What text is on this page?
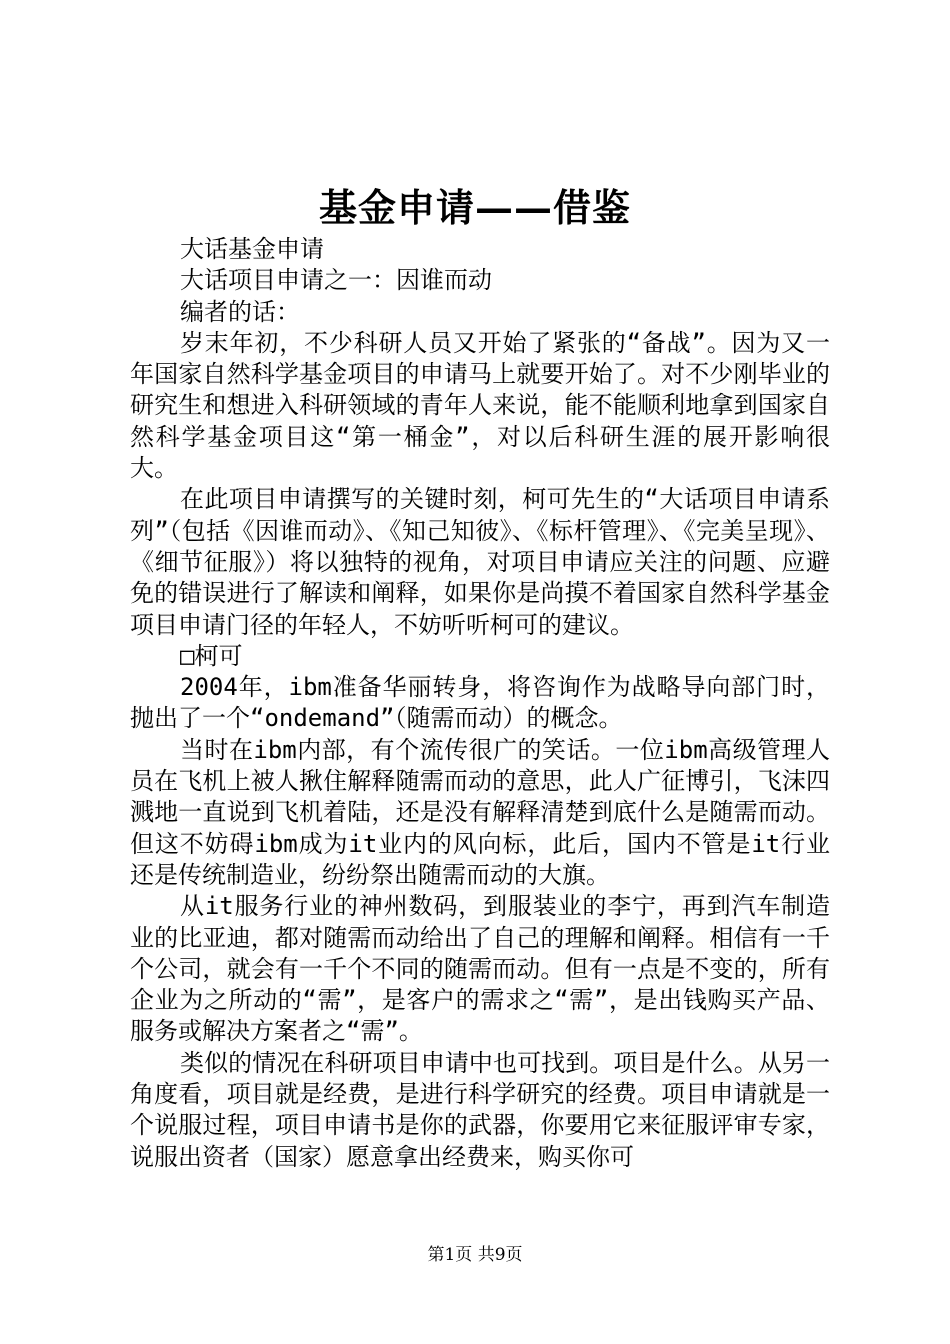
基金申请——借鉴

大话基金申请

大话项目申请之一：因谁而动

编者的话：

岁末年初，不少科研人员又开始了紧张的“备战”。因为又一年国家自然科学基金项目的申请马上就要开始了。对不少刚毕业的研究生和想进入科研领域的青年人来说，能不能顺利地拿到国家自然科学基金项目这“第一桶金”，对以后科研生涯的展开影响很大。

在此项目申请撰写的关键时刻，柯可先生的“大话项目申请系列”（包括《因谁而动》、《知己知彼》、《标杆管理》、《完美呈现》、《细节征服》）将以独特的视角，对项目申请应关注的问题、应避免的错误进行了解读和阐释，如果你是尚摸不着国家自然科学基金项目申请门径的年轻人，不妨听听柯可的建议。

□柯可

2004年，ibm准备华丽转身，将咨询作为战略导向部门时，抛出了一个“ondemand”（随需而动）的概念。

当时在ibm内部，有个流传很广的笑话。一位ibm高级管理人员在飞机上被人揪住解释随需而动的意思，此人广征博引，飞沫四溅地一直说到飞机着陆，还是没有解释清楚到底什么是随需而动。但这不妨碍ibm成为it业内的风向标，此后，国内不管是it行业还是传统制造业，纷纷祭出随需而动的大旗。

从it服务行业的神州数码，到服装业的李宁，再到汽车制造业的比亚迪，都对随需而动给出了自己的理解和阐释。相信有一千个公司，就会有一千个不同的随需而动。但有一点是不变的，所有企业为之所动的“需”，是客户的需求之“需”，是出钱购买产品、服务或解决方案者之“需”。

类似的情况在科研项目申请中也可找到。项目是什么。从另一角度看，项目就是经费，是进行科学研究的经费。项目申请就是一个说服过程，项目申请书是你的武器，你要用它来征服评审专家，说服出资者（国家）愿意拿出经费来，购买你可

第1页 共9页
